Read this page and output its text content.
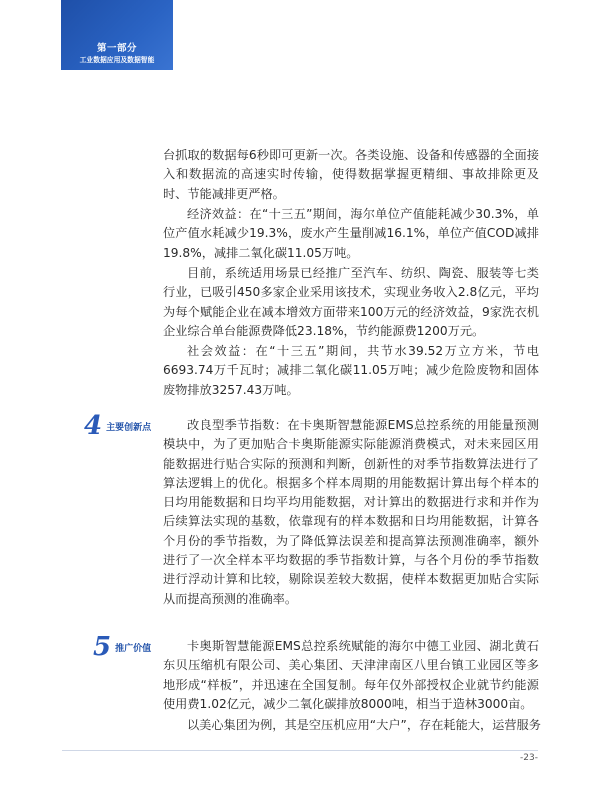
第一部分
工业数据应用及数据智能

台抓取的数据每6秒即可更新一次。各类设施、设备和传感器的全面接入和数据流的高速实时传输，使得数据掌握更精细、事故排除更及时、节能减排更严格。

经济效益：在“十三五”期间，海尔单位产值能耗减少30.3%，单位产值水耗减少19.3%，废水产生量削减16.1%，单位产值COD减排19.8%，减排二氧化碳11.05万吨。

目前，系统适用场景已经推广至汽车、纺织、陶瓷、服装等七类行业，已吸引450多家企业采用该技术，实现业务收入2.8亿元，平均为每个赋能企业在减本增效方面带来100万元的经济效益，9家洗衣机企业综合单台能源费降低23.18%，节约能源费1200万元。

社会效益：在“十三五”期间，共节水39.52万立方米，节电6693.74万千瓦时；减排二氧化碳11.05万吨；减少危险废物和固体废物排放3257.43万吨。

4 主要创新点	改良型季节指数：在卡奥斯智慧能源EMS总控系统的用能量预测模块中，为了更加贴合卡奥斯能源实际能源消费模式，对未来园区用能数据进行贴合实际的预测和判断，创新性的对季节指数算法进行了算法逻辑上的优化。根据多个样本周期的用能数据计算出每个样本的日均用能数据和日均平均用能数据，对计算出的数据进行求和并作为后续算法实现的基数，依靠现有的样本数据和日均用能数据，计算各个月份的季节指数，为了降低算法误差和提高算法预测准确率，额外进行了一次全样本平均数据的季节指数计算，与各个月份的季节指数进行浮动计算和比较，剔除误差较大数据，使样本数据更加贴合实际从而提高预测的准确率。

5 推广价值	卡奥斯智慧能源EMS总控系统赋能的海尔中德工业园、湖北黄石东贝压缩机有限公司、美心集团、天津津南区八里台镇工业园区等多地形成“样板”，并迅速在全国复制。每年仅外部授权企业就节约能源使用费1.02亿元，减少二氧化碳排放8000吨，相当于造林3000亩。

以美心集团为例，其是空压机应用“大户”，存在耗能大，运营服务

-23-
